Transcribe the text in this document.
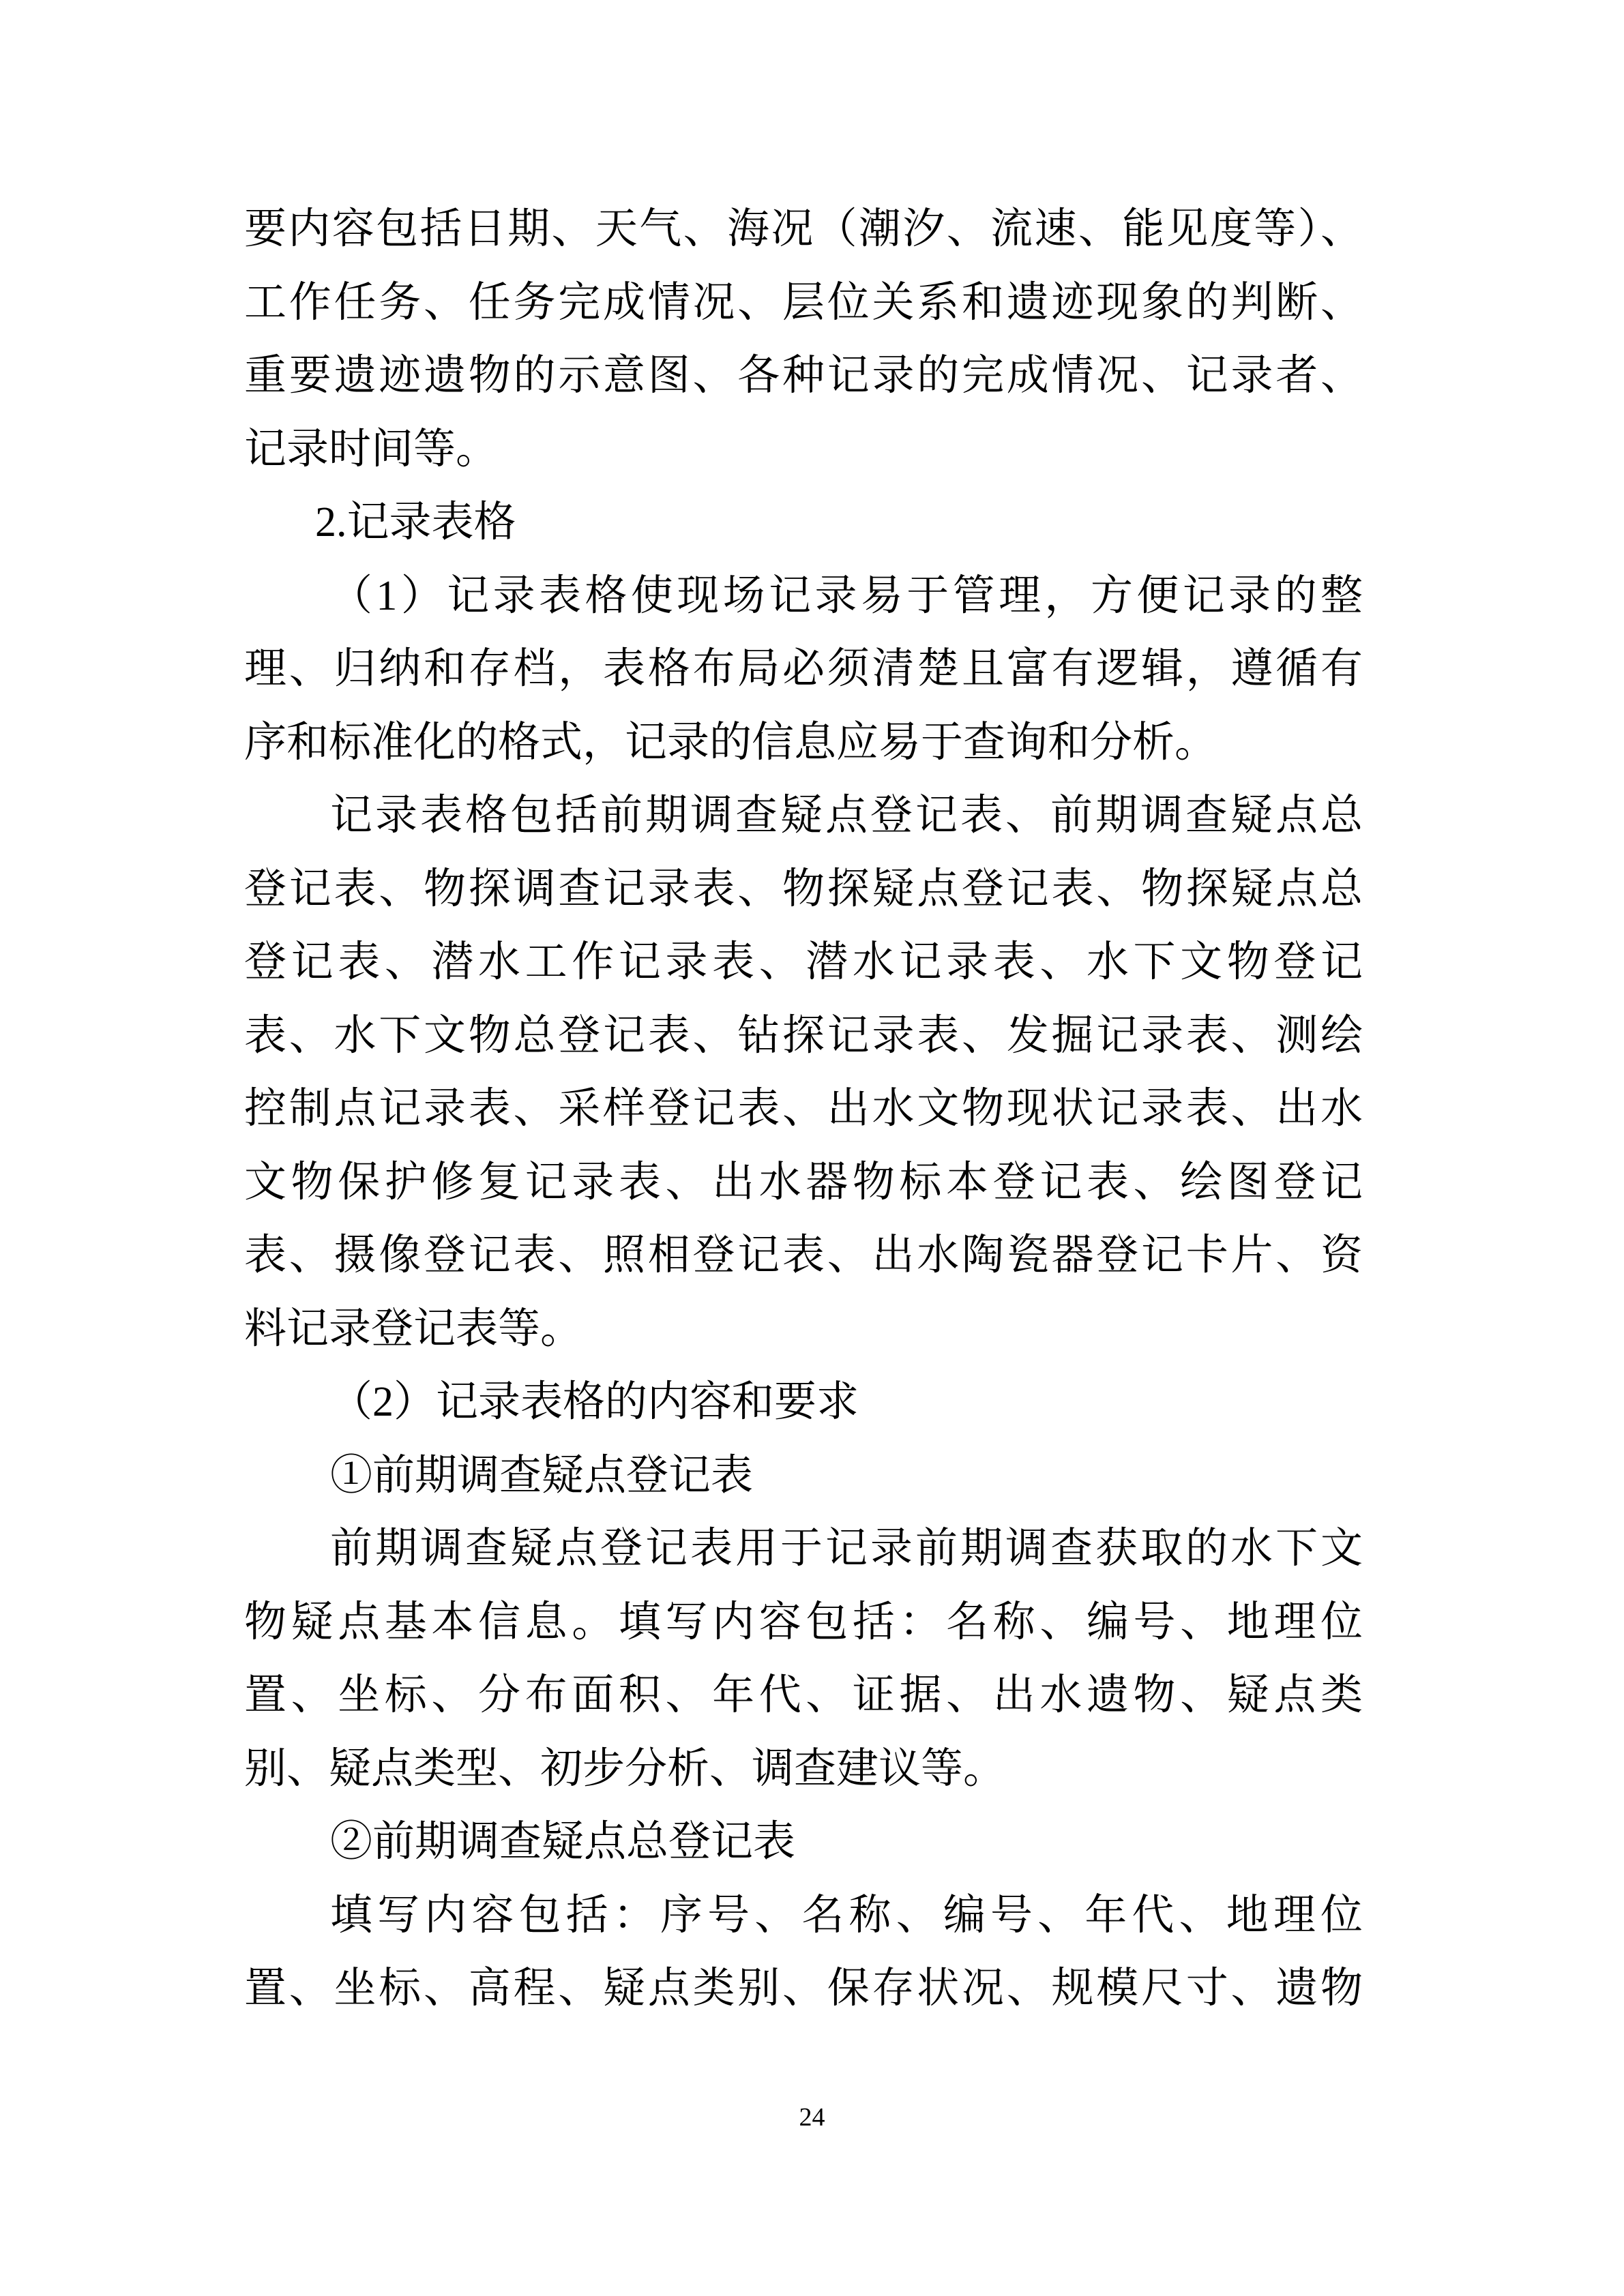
要内容包括日期、天气、海况（潮汐、流速、能见度等）、
工作任务、任务完成情况、层位关系和遗迹现象的判断、
重要遗迹遗物的示意图、各种记录的完成情况、记录者、
记录时间等。
2.记录表格
（1）记录表格使现场记录易于管理，方便记录的整
理、归纳和存档，表格布局必须清楚且富有逻辑，遵循有
序和标准化的格式，记录的信息应易于查询和分析。
记录表格包括前期调查疑点登记表、前期调查疑点总
登记表、物探调查记录表、物探疑点登记表、物探疑点总
登记表、潜水工作记录表、潜水记录表、水下文物登记
表、水下文物总登记表、钻探记录表、发掘记录表、测绘
控制点记录表、采样登记表、出水文物现状记录表、出水
文物保护修复记录表、出水器物标本登记表、绘图登记
表、摄像登记表、照相登记表、出水陶瓷器登记卡片、资
料记录登记表等。
（2）记录表格的内容和要求
①前期调查疑点登记表
前期调查疑点登记表用于记录前期调查获取的水下文
物疑点基本信息。填写内容包括：名称、编号、地理位
置、坐标、分布面积、年代、证据、出水遗物、疑点类
别、疑点类型、初步分析、调查建议等。
②前期调查疑点总登记表
填写内容包括：序号、名称、编号、年代、地理位
置、坐标、高程、疑点类别、保存状况、规模尺寸、遗物
24
